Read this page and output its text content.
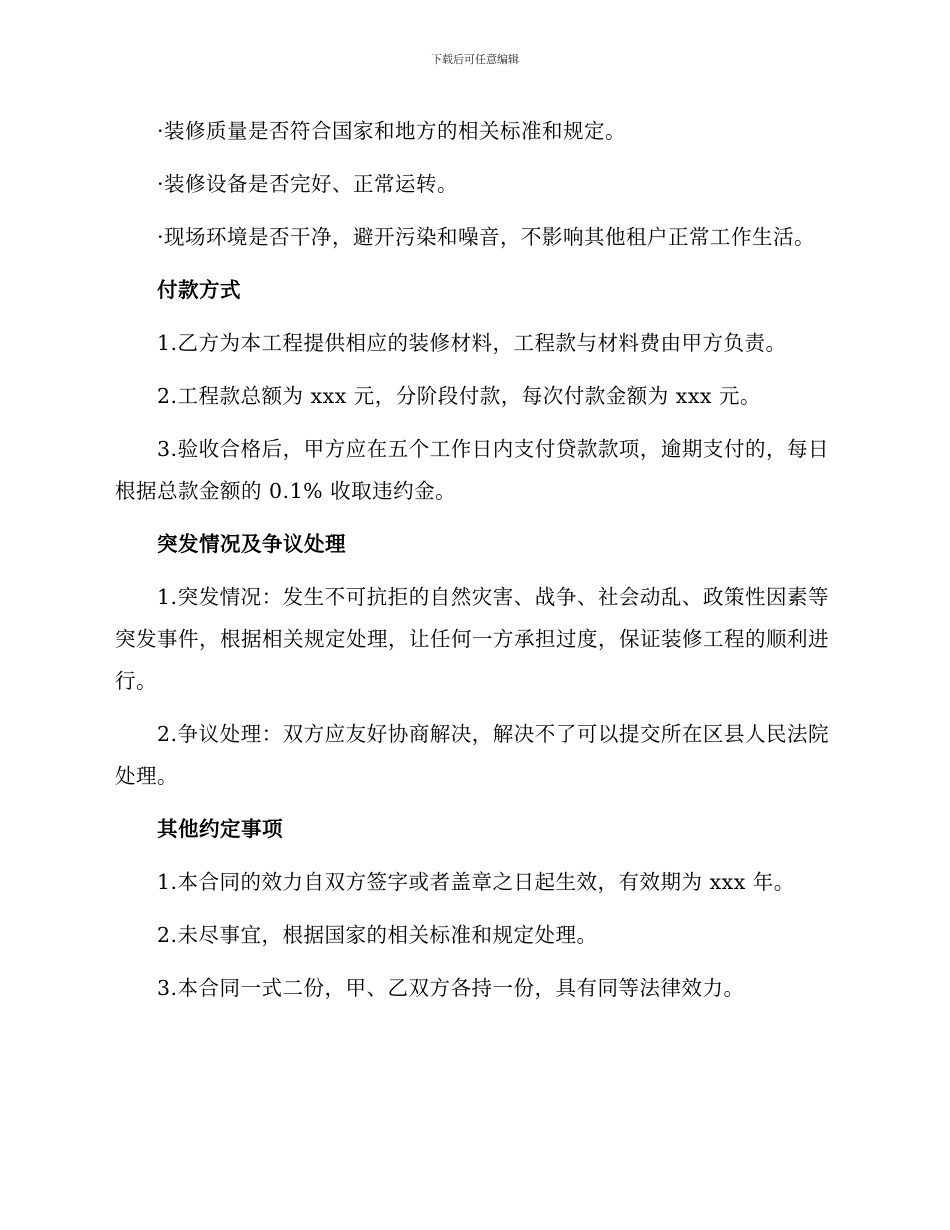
下载后可任意编辑

·装修质量是否符合国家和地方的相关标准和规定。

·装修设备是否完好、正常运转。

·现场环境是否干净，避开污染和噪音，不影响其他租户正常工作生活。

付款方式

1.乙方为本工程提供相应的装修材料，工程款与材料费由甲方负责。

2.工程款总额为 xxx 元，分阶段付款，每次付款金额为 xxx 元。

3.验收合格后，甲方应在五个工作日内支付贷款款项，逾期支付的，每日根据总款金额的 0.1% 收取违约金。

突发情况及争议处理

1.突发情况：发生不可抗拒的自然灾害、战争、社会动乱、政策性因素等突发事件，根据相关规定处理，让任何一方承担过度，保证装修工程的顺利进行。

2.争议处理：双方应友好协商解决，解决不了可以提交所在区县人民法院处理。

其他约定事项

1.本合同的效力自双方签字或者盖章之日起生效，有效期为 xxx 年。

2.未尽事宜，根据国家的相关标准和规定处理。

3.本合同一式二份，甲、乙双方各持一份，具有同等法律效力。
